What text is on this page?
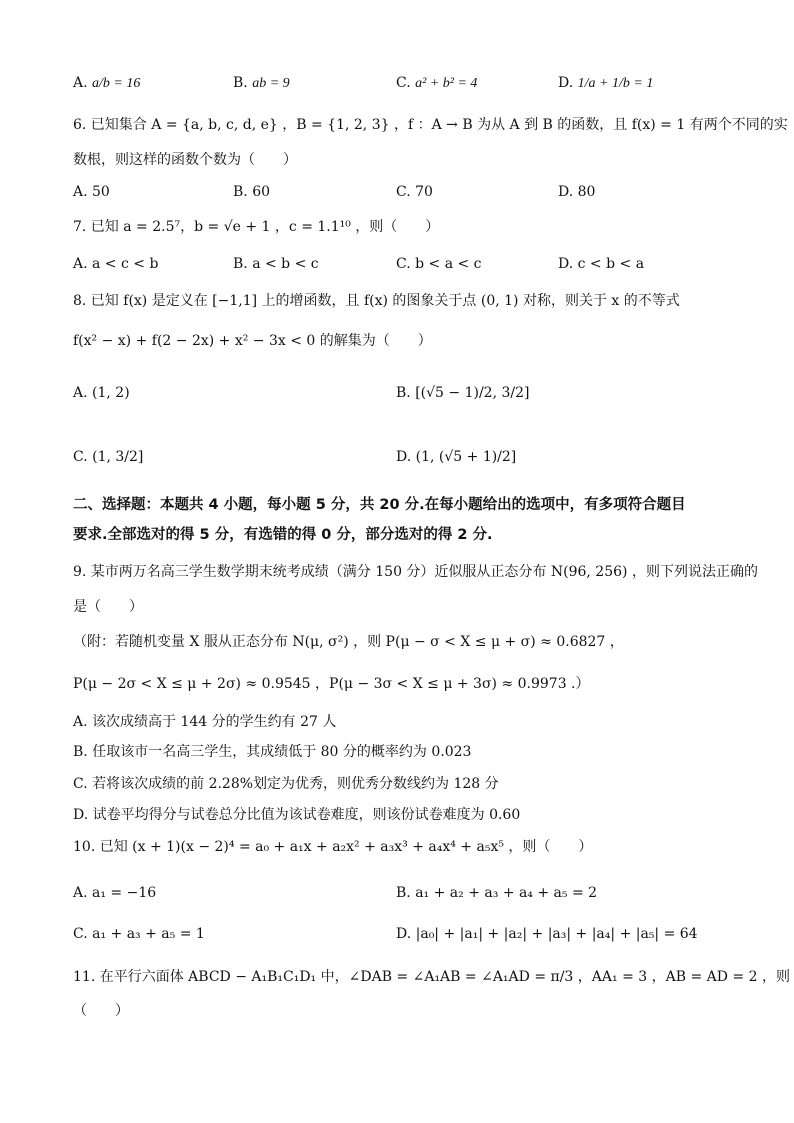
A. a/b = 16	B. ab = 9	C. a² + b² = 4	D. 1/a + 1/b = 1
6. 已知集合 A = {a, b, c, d, e} ，B = {1, 2, 3} ，f ：A → B 为从 A 到 B 的函数，且 f(x) = 1 有两个不同的实
数根，则这样的函数个数为（　　）
A. 50	B. 60	C. 70	D. 80
7. 已知 a = 2.5⁷，b = √e + 1 ，c = 1.1¹⁰ ，则（　　）
A. a < c < b	B. a < b < c	C. b < a < c	D. c < b < a
8. 已知 f(x) 是定义在 [−1,1] 上的增函数，且 f(x) 的图象关于点 (0, 1) 对称，则关于 x 的不等式
f(x² − x) + f(2 − 2x) + x² − 3x < 0 的解集为（　　）
A. (1, 2)	B. [(√5 − 1)/2, 3/2]
C. (1, 3/2]	D. (1, (√5 + 1)/2]
二、选择题：本题共 4 小题，每小题 5 分，共 20 分.在每小题给出的选项中，有多项符合题目
要求.全部选对的得 5 分，有选错的得 0 分，部分选对的得 2 分.
9. 某市两万名高三学生数学期末统考成绩（满分 150 分）近似服从正态分布 N(96, 256) ，则下列说法正确的
是（　　）
（附：若随机变量 X 服从正态分布 N(μ, σ²) ，则 P(μ − σ < X ≤ μ + σ) ≈ 0.6827 ，
P(μ − 2σ < X ≤ μ + 2σ) ≈ 0.9545 ，P(μ − 3σ < X ≤ μ + 3σ) ≈ 0.9973 .）
A. 该次成绩高于 144 分的学生约有 27 人
B. 任取该市一名高三学生，其成绩低于 80 分的概率约为 0.023
C. 若将该次成绩的前 2.28%划定为优秀，则优秀分数线约为 128 分
D. 试卷平均得分与试卷总分比值为该试卷难度，则该份试卷难度为 0.60
10. 已知 (x + 1)(x − 2)⁴ = a₀ + a₁x + a₂x² + a₃x³ + a₄x⁴ + a₅x⁵ ，则（　　）
A. a₁ = −16	B. a₁ + a₂ + a₃ + a₄ + a₅ = 2
C. a₁ + a₃ + a₅ = 1	D. |a₀| + |a₁| + |a₂| + |a₃| + |a₄| + |a₅| = 64
11. 在平行六面体 ABCD − A₁B₁C₁D₁ 中，∠DAB = ∠A₁AB = ∠A₁AD = π/3 ，AA₁ = 3 ，AB = AD = 2 ，则
（　　）
